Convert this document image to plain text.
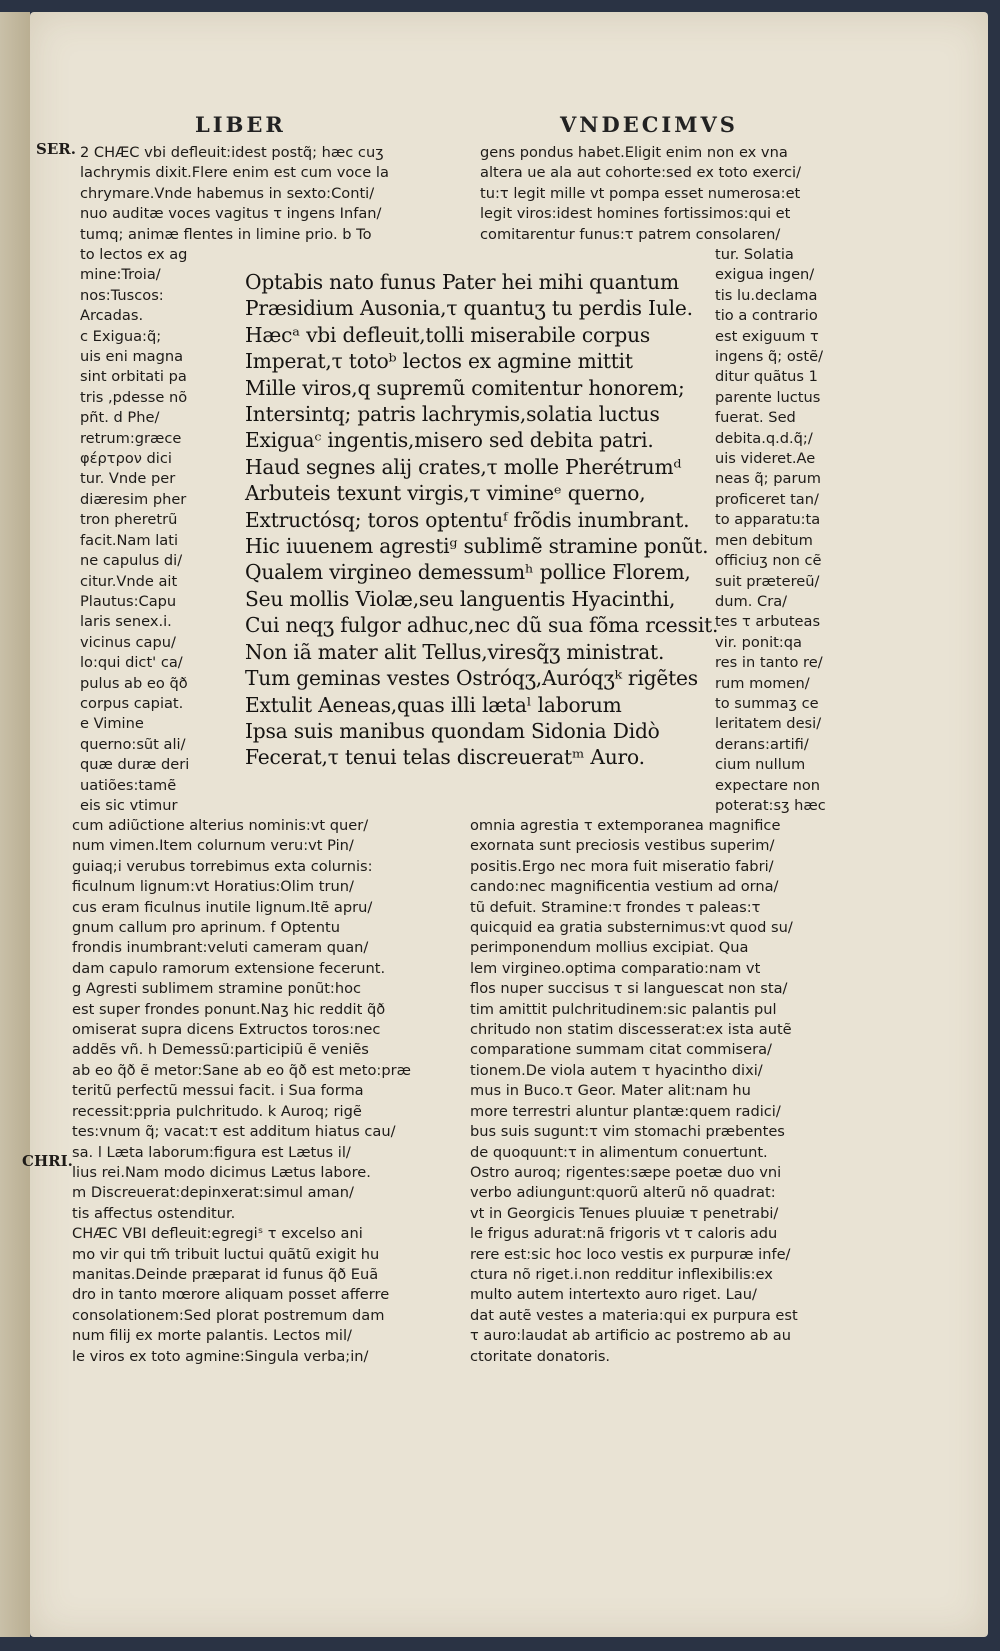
LIBER	VNDECIMVS
SER.
CHRI.
2 CHÆC vbi defleuit:idest postq̃; hæc cuʒ
lachrymis dixit.Flere enim est cum voce la
chrymare.Vnde habemus in sexto:Conti/
nuo auditæ voces vagitus τ ingens Infan/
tumq; animæ flentes in limine prio. b To
gens pondus habet.Eligit enim non ex vna
altera ue ala aut cohorte:sed ex toto exerci/
tu:τ legit mille vt pompa esset numerosa:et
legit viros:idest homines fortissimos:qui et
comitarentur funus:τ patrem consolaren/
to lectos ex ag
mine:Troia/
nos:Tuscos:
Arcadas.
c Exigua:q̃;
uis eni magna
sint orbitati pa
tris ,pdesse nõ
pñt. d Phe/
retrum:græce
φέρτρον dici
tur. Vnde per
diæresim pher
tron pheretrũ
facit.Nam lati
ne capulus di/
citur.Vnde ait
Plautus:Capu
laris senex.i.
vicinus capu/
lo:qui dict' ca/
pulus ab eo q̃ð
corpus capiat.
e Vimine
querno:sũt ali/
quæ duræ deri
uatiões:tamẽ
eis sic vtimur
tur. Solatia
exigua ingen/
tis lu.declama
tio a contrario
est exiguum τ
ingens q̃; ostẽ/
ditur quãtus 1
parente luctus
fuerat. Sed
debita.q.d.q̃;/
uis videret.Ae
neas q̃; parum
proficeret tan/
to apparatu:ta
men debitum
officiuʒ non cẽ
suit prætereũ/
dum. Cra/
tes τ arbuteas
vir. ponit:qa
res in tanto re/
rum momen/
to summaʒ ce
leritatem desi/
derans:artifi/
cium nullum
expectare non
poterat:sʒ hæc
Optabis nato funus Pater hei mihi quantum
Præsidium Ausonia,τ quantuʒ tu perdis Iule.
Hæcᵃ vbi defleuit,tolli miserabile corpus
Imperat,τ totoᵇ lectos ex agmine mittit
Mille viros,q supremũ comitentur honorem;
Intersintq; patris lachrymis,solatia luctus
Exiguaᶜ ingentis,misero sed debita patri.
Haud segnes alij crates,τ molle Pherétrumᵈ
Arbuteis texunt virgis,τ vimineᵉ querno,
Extructósq; toros optentuᶠ frõdis inumbrant.
Hic iuuenem agrestiᵍ sublimẽ stramine ponũt.
Qualem virgineo demessumʰ pollice Florem,
Seu mollis Violæ,seu languentis Hyacinthi,
Cui neqʒ fulgor adhuc,nec dũ sua fõma rcessit.
Non iã mater alit Tellus,viresq̃ʒ ministrat.
Tum geminas vestes Ostróqʒ,Auróqʒᵏ rigẽtes
Extulit Aeneas,quas illi lætaˡ laborum
Ipsa suis manibus quondam Sidonia Didò
Fecerat,τ tenui telas discreueratᵐ Auro.
cum adiũctione alterius nominis:vt quer/
num vimen.Item colurnum veru:vt Pin/
guiaq;i verubus torrebimus exta colurnis:
ficulnum lignum:vt Horatius:Olim trun/
cus eram ficulnus inutile lignum.Itẽ apru/
gnum callum pro aprinum. f Optentu
frondis inumbrant:veluti cameram quan/
dam capulo ramorum extensione fecerunt.
g Agresti sublimem stramine ponũt:hoc
est super frondes ponunt.Naʒ hic reddit q̃ð
omiserat supra dicens Extructos toros:nec
addẽs vñ. h Demessũ:participiũ ẽ veniẽs
ab eo q̃ð ẽ metor:Sane ab eo q̃ð est meto:præ
teritũ perfectũ messui facit. i Sua forma
recessit:ppria pulchritudo. k Auroq; rigẽ
tes:vnum q̃; vacat:τ est additum hiatus cau/
sa. l Læta laborum:figura est Lætus il/
lius rei.Nam modo dicimus Lætus labore.
m Discreuerat:depinxerat:simul aman/
tis affectus ostenditur.
CHÆC VBI defleuit:egregiˢ τ excelso ani
mo vir qui tm̃ tribuit luctui quãtũ exigit hu
manitas.Deinde præparat id funus q̃ð Euã
dro in tanto mœrore aliquam posset afferre
consolationem:Sed plorat postremum dam
num filij ex morte palantis. Lectos mil/
le viros ex toto agmine:Singula verba;in/
omnia agrestia τ extemporanea magnifice
exornata sunt preciosis vestibus superim/
positis.Ergo nec mora fuit miseratio fabri/
cando:nec magnificentia vestium ad orna/
tũ defuit. Stramine:τ frondes τ paleas:τ
quicquid ea gratia substernimus:vt quod su/
perimponendum mollius excipiat. Qua
lem virgineo.optima comparatio:nam vt
flos nuper succisus τ si languescat non sta/
tim amittit pulchritudinem:sic palantis pul
chritudo non statim discesserat:ex ista autẽ
comparatione summam citat commisera/
tionem.De viola autem τ hyacintho dixi/
mus in Buco.τ Geor. Mater alit:nam hu
more terrestri aluntur plantæ:quem radici/
bus suis sugunt:τ vim stomachi præbentes
de quoquunt:τ in alimentum conuertunt.
Ostro auroq; rigentes:sæpe poetæ duo vni
verbo adiungunt:quorũ alterũ nõ quadrat:
vt in Georgicis Tenues pluuiæ τ penetrabi/
le frigus adurat:nã frigoris vt τ caloris adu
rere est:sic hoc loco vestis ex purpuræ infe/
ctura nõ riget.i.non redditur inflexibilis:ex
multo autem intertexto auro riget. Lau/
dat autẽ vestes a materia:qui ex purpura est
τ auro:laudat ab artificio ac postremo ab au
ctoritate donatoris.
